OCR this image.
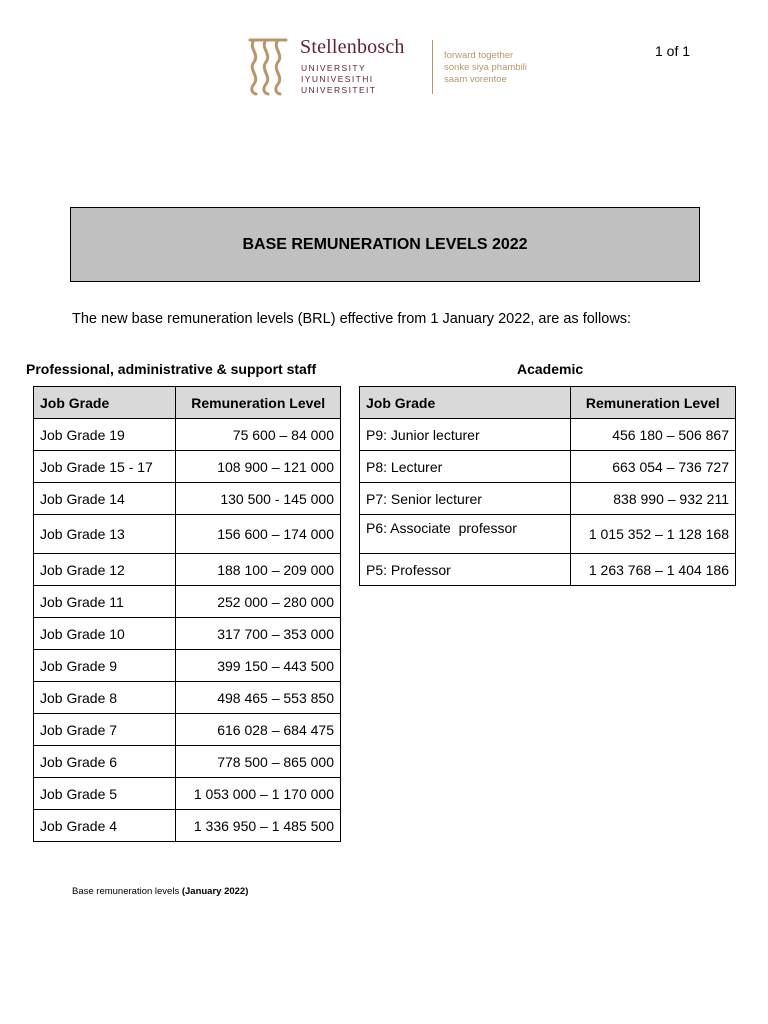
Stellenbosch
UNIVERSITY
IYUNIVESITHI
UNIVERSITEIT
forward together
sonke siya phambili
saam vorentoe
1 of 1
BASE REMUNERATION LEVELS 2022
The new base remuneration levels (BRL) effective from 1 January 2022, are as follows:
Professional, administrative & support staff	Academic
Job Grade	Remuneration Level
Job Grade 19	75 600 – 84 000
Job Grade 15 - 17	108 900 – 121 000
Job Grade 14	130 500 - 145 000
Job Grade 13	156 600 – 174 000
Job Grade 12	188 100 – 209 000
Job Grade 11	252 000 – 280 000
Job Grade 10	317 700 – 353 000
Job Grade 9	399 150 – 443 500
Job Grade 8	498 465 – 553 850
Job Grade 7	616 028 – 684 475
Job Grade 6	778 500 – 865 000
Job Grade 5	1 053 000 – 1 170 000
Job Grade 4	1 336 950 – 1 485 500
Job Grade	Remuneration Level
P9: Junior lecturer	456 180 – 506 867
P8: Lecturer	663 054 – 736 727
P7: Senior lecturer	838 990 – 932 211
P6: Associate  professor	1 015 352 – 1 128 168
P5: Professor	1 263 768 – 1 404 186
Base remuneration levels (January 2022)
